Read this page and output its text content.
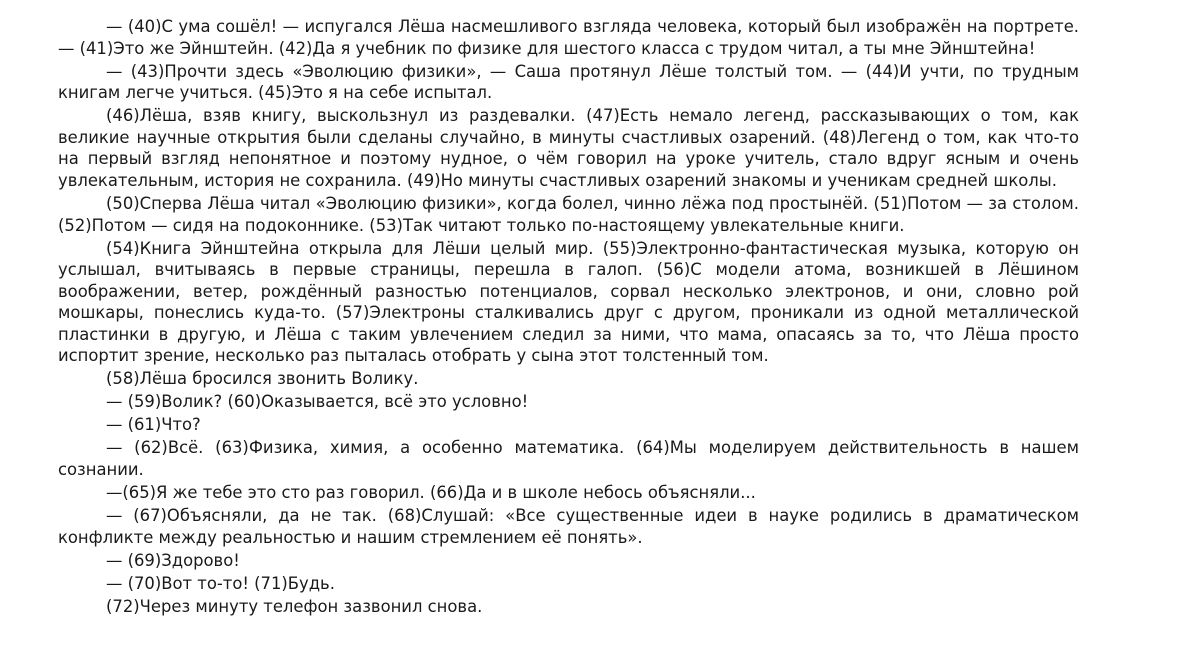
— (40)С ума сошёл! — испугался Лёша насмешливого взгляда человека, который был изображён на портрете. — (41)Это же Эйнштейн. (42)Да я учебник по физике для шестого класса с трудом читал, а ты мне Эйнштейна!

— (43)Прочти здесь «Эволюцию физики», — Саша протянул Лёше толстый том. — (44)И учти, по трудным книгам легче учиться. (45)Это я на себе испытал.

(46)Лёша, взяв книгу, выскользнул из раздевалки. (47)Есть немало легенд, рассказывающих о том, как великие научные открытия были сделаны случайно, в минуты счастливых озарений. (48)Легенд о том, как что-то на первый взгляд непонятное и поэтому нудное, о чём говорил на уроке учитель, стало вдруг ясным и очень увлекательным, история не сохранила. (49)Но минуты счастливых озарений знакомы и ученикам средней школы.

(50)Сперва Лёша читал «Эволюцию физики», когда болел, чинно лёжа под простынёй. (51)Потом — за столом. (52)Потом — сидя на подоконнике. (53)Так читают только по-настоящему увлекательные книги.

(54)Книга Эйнштейна открыла для Лёши целый мир. (55)Электронно-фантастическая музыка, которую он услышал, вчитываясь в первые страницы, перешла в галоп. (56)С модели атома, возникшей в Лёшином воображении, ветер, рождённый разностью потенциалов, сорвал несколько электронов, и они, словно рой мошкары, понеслись куда-то. (57)Электроны сталкивались друг с другом, проникали из одной металлической пластинки в другую, и Лёша с таким увлечением следил за ними, что мама, опасаясь за то, что Лёша просто испортит зрение, несколько раз пыталась отобрать у сына этот толстенный том.

(58)Лёша бросился звонить Волику.

— (59)Волик? (60)Оказывается, всё это условно!

— (61)Что?

— (62)Всё. (63)Физика, химия, а особенно математика. (64)Мы моделируем действительность в нашем сознании.

—(65)Я же тебе это сто раз говорил. (66)Да и в школе небось объясняли...

— (67)Объясняли, да не так. (68)Слушай: «Все существенные идеи в науке родились в драматическом конфликте между реальностью и нашим стремлением её понять».

— (69)Здорово!

— (70)Вот то-то! (71)Будь.

(72)Через минуту телефон зазвонил снова.
